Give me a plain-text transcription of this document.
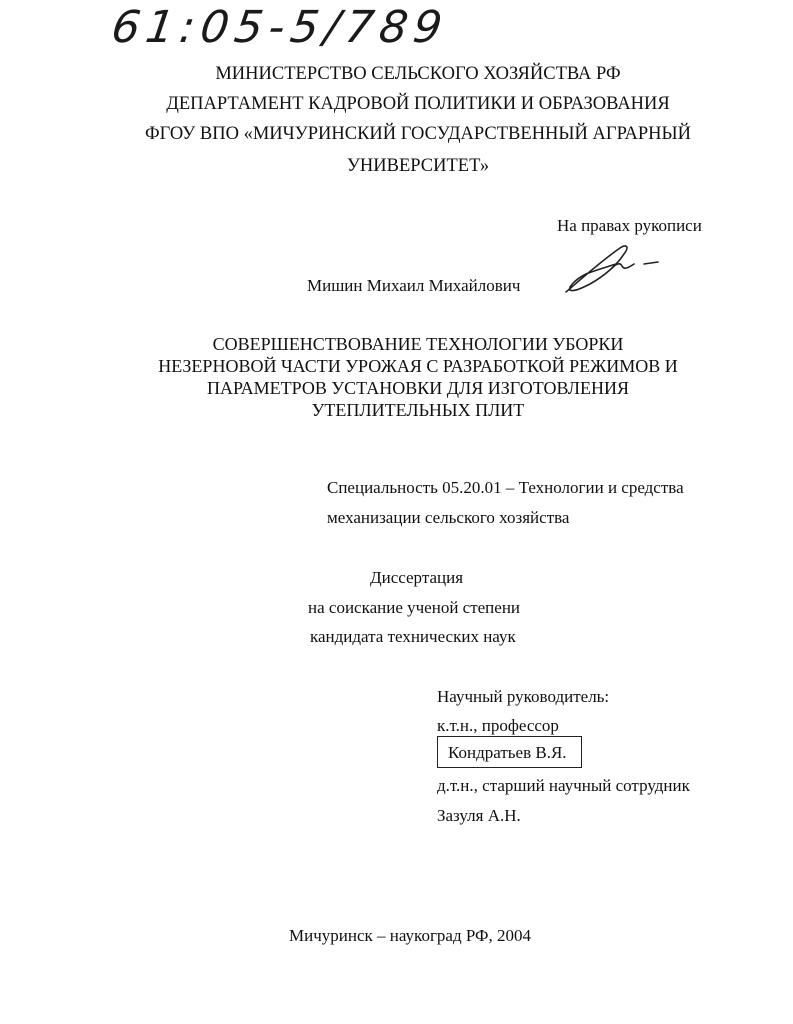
61:05-5/789
МИНИСТЕРСТВО СЕЛЬСКОГО ХОЗЯЙСТВА РФ
ДЕПАРТАМЕНТ КАДРОВОЙ ПОЛИТИКИ И ОБРАЗОВАНИЯ
ФГОУ ВПО «МИЧУРИНСКИЙ ГОСУДАРСТВЕННЫЙ АГРАРНЫЙ
УНИВЕРСИТЕТ»
На правах рукописи
Мишин Михаил Михайлович
СОВЕРШЕНСТВОВАНИЕ ТЕХНОЛОГИИ УБОРКИ
НЕЗЕРНОВОЙ ЧАСТИ УРОЖАЯ С РАЗРАБОТКОЙ РЕЖИМОВ И
ПАРАМЕТРОВ УСТАНОВКИ ДЛЯ ИЗГОТОВЛЕНИЯ
УТЕПЛИТЕЛЬНЫХ ПЛИТ
Специальность 05.20.01 – Технологии и средства
механизации сельского хозяйства
Диссертация
на соискание ученой степени
кандидата технических наук
Научный руководитель:
к.т.н., профессор
Кондратьев В.Я.
д.т.н., старший научный сотрудник
Зазуля А.Н.
Мичуринск – наукоград РФ, 2004
